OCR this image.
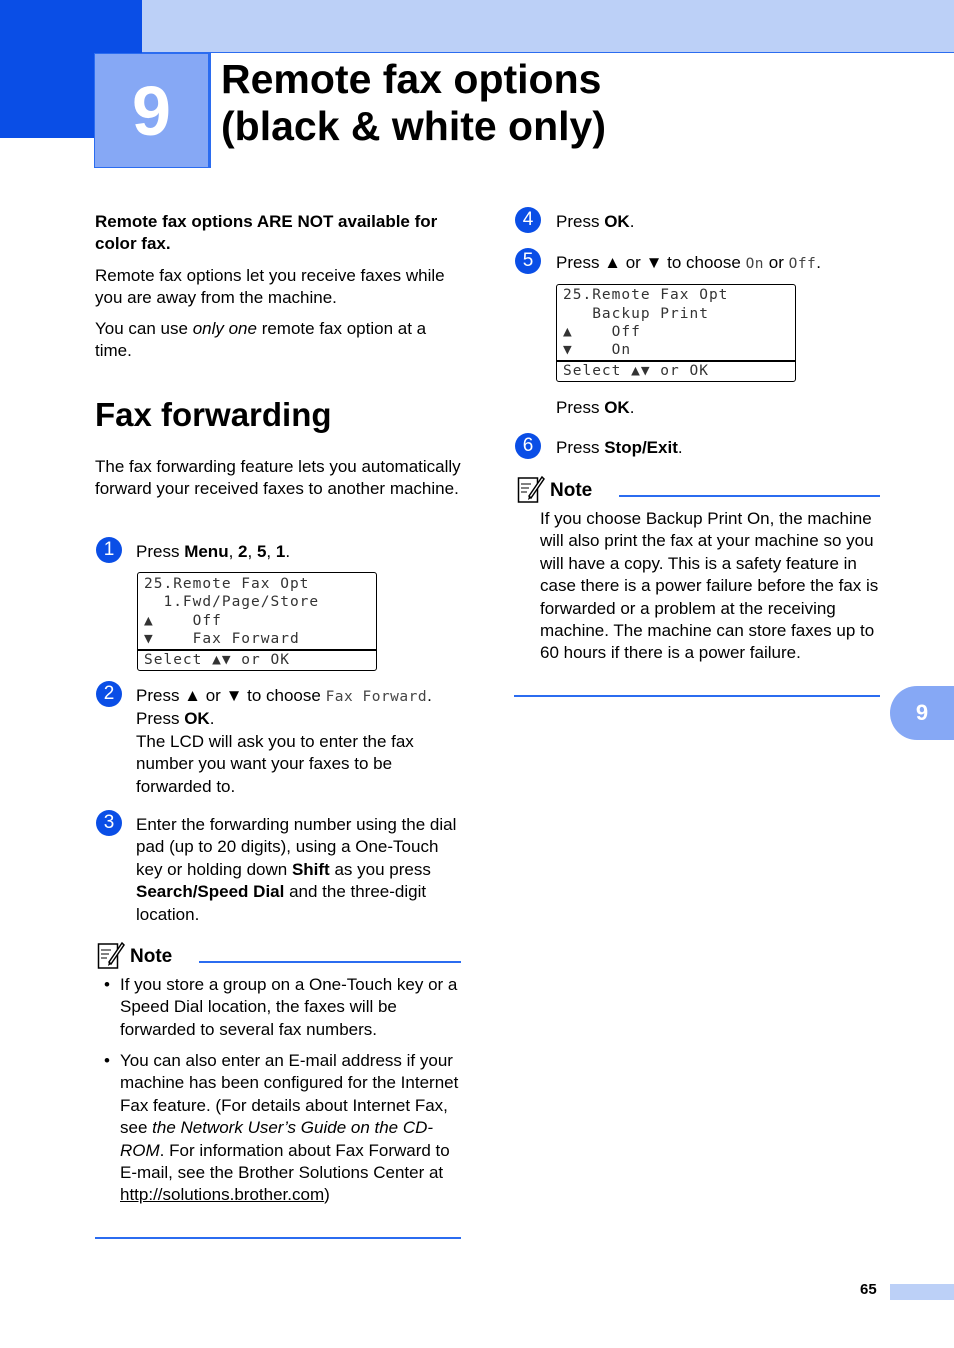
9	Remote fax options
(black & white only)
Remote fax options ARE NOT available for color fax.
Remote fax options let you receive faxes while you are away from the machine.
You can use only one remote fax option at a time.
Fax forwarding
The fax forwarding feature lets you automatically forward your received faxes to another machine.
1	Press Menu, 2, 5, 1.
25.Remote Fax Opt
1.Fwd/Page/Store
▲    Off
▼    Fax Forward
Select ▲▼ or OK
2	Press ▲ or ▼ to choose Fax Forward.
Press OK.
The LCD will ask you to enter the fax number you want your faxes to be forwarded to.
3	Enter the forwarding number using the dial pad (up to 20 digits), using a One-Touch key or holding down Shift as you press Search/Speed Dial and the three-digit location.
Note
• If you store a group on a One-Touch key or a Speed Dial location, the faxes will be forwarded to several fax numbers.
• You can also enter an E-mail address if your machine has been configured for the Internet Fax feature. (For details about Internet Fax, see the Network User’s Guide on the CD-ROM. For information about Fax Forward to E-mail, see the Brother Solutions Center at http://solutions.brother.com)
4	Press OK.
5	Press ▲ or ▼ to choose On or Off.
25.Remote Fax Opt
Backup Print
▲    Off
▼    On
Select ▲▼ or OK
Press OK.
6	Press Stop/Exit.
Note
If you choose Backup Print On, the machine will also print the fax at your machine so you will have a copy. This is a safety feature in case there is a power failure before the fax is forwarded or a problem at the receiving machine. The machine can store faxes up to 60 hours if there is a power failure.
9
65
